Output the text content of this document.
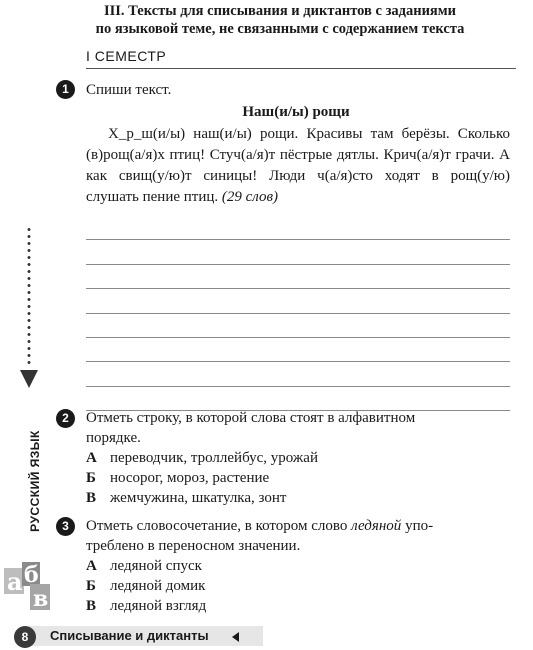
III. Тексты для списывания и диктантов с заданиями
по языковой теме, не связанными с содержанием текста
I СЕМЕСТР
1	Спиши текст.
Наш(и/ы) рощи

Х_р_ш(и/ы) наш(и/ы) рощи. Красивы там берёзы. Сколько (в)рощ(а/я)х птиц! Стуч(а/я)т пёстрые дятлы. Крич(а/я)т грачи. А как свищ(у/ю)т синицы! Люди ч(а/я)сто ходят в рощ(у/ю) слушать пение птиц. (29 слов)

РУССКИЙ ЯЗЫК
2	Отметь строку, в которой слова стоят в алфавитном
порядке.
А переводчик, троллейбус, урожай
Б носорог, мороз, растение
В жемчужина, шкатулка, зонт
3	Отметь словосочетание, в котором слово ледяной упо-
треблено в переносном значении.
А ледяной спуск
Б ледяной домик
В ледяной взгляд
а б
в
8	Списывание и диктанты
